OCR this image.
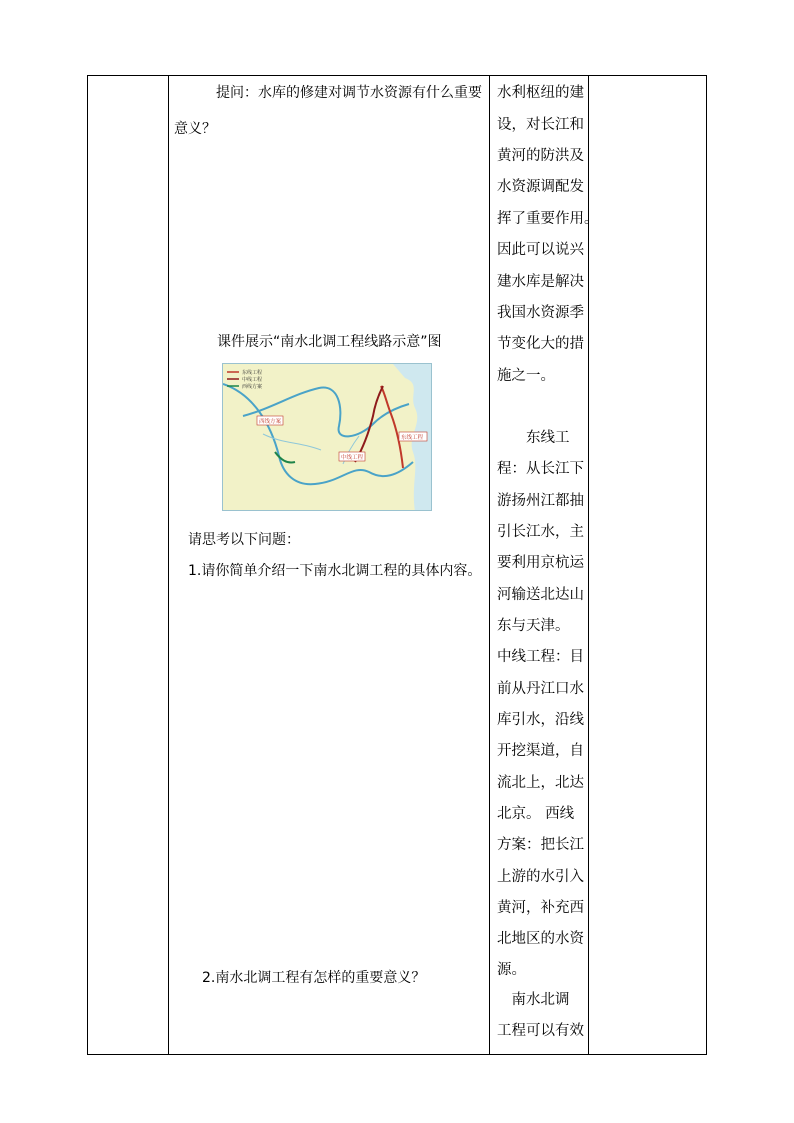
提问：水库的修建对调节水资源有什么重要
意义？
课件展示“南水北调工程线路示意”图
东线工程
中线工程
西线方案
西线方案
中线工程
东线工程
请思考以下问题：
1.请你简单介绍一下南水北调工程的具体内容。
2.南水北调工程有怎样的重要意义？
水利枢纽的建
设，对长江和
黄河的防洪及
水资源调配发
挥了重要作用。
因此可以说兴
建水库是解决
我国水资源季
节变化大的措
施之一。
　　东线工
程：从长江下
游扬州江都抽
引长江水，主
要利用京杭运
河输送北达山
东与天津。
中线工程：目
前从丹江口水
库引水，沿线
开挖渠道，自
流北上，北达
北京。 西线
方案：把长江
上游的水引入
黄河，补充西
北地区的水资
源。
　南水北调
工程可以有效
